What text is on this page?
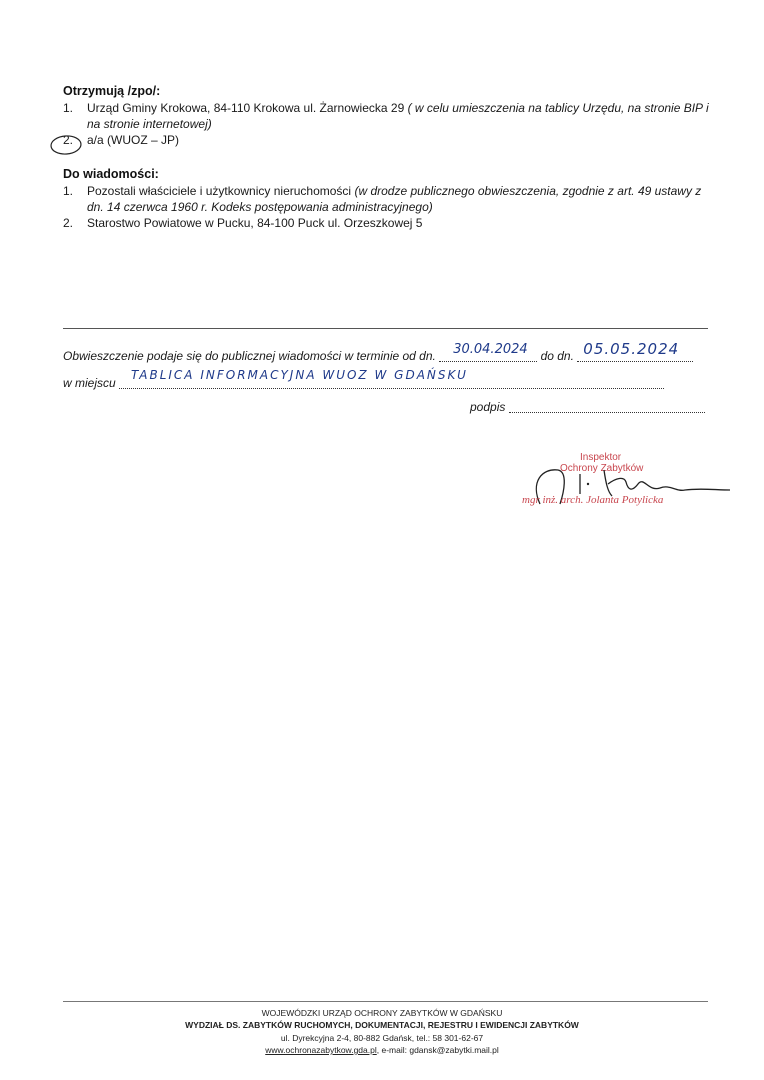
Otrzymują /zpo/:
1.	Urząd Gminy Krokowa, 84-110 Krokowa ul. Żarnowiecka 29 ( w celu umieszczenia na tablicy Urzędu, na stronie BIP i na stronie internetowej)
2.	a/a (WUOZ – JP)
Do wiadomości:
1.	Pozostali właściciele i użytkownicy nieruchomości (w drodze publicznego obwieszczenia, zgodnie z art. 49 ustawy z dn. 14 czerwca 1960 r. Kodeks postępowania administracyjnego)
2.	Starostwo Powiatowe w Pucku, 84-100 Puck ul. Orzeszkowej 5
Obwieszczenie podaje się do publicznej wiadomości w terminie od dn. 30.04.2024 do dn. 05.05.2024
w miejscu
TABLICA INFORMACYJNA WUOZ W GDAŃSKU
podpis
Inspektor
Ochrony Zabytków
mgr inż. arch. Jolanta Potylicka
WOJEWÓDZKI URZĄD OCHRONY ZABYTKÓW W GDAŃSKU
WYDZIAŁ DS. ZABYTKÓW RUCHOMYCH, DOKUMENTACJI, REJESTRU I EWIDENCJI ZABYTKÓW
ul. Dyrekcyjna 2-4, 80-882 Gdańsk, tel.: 58 301-62-67
www.ochronazabytkow.gda.pl, e-mail: gdansk@zabytki.mail.pl
